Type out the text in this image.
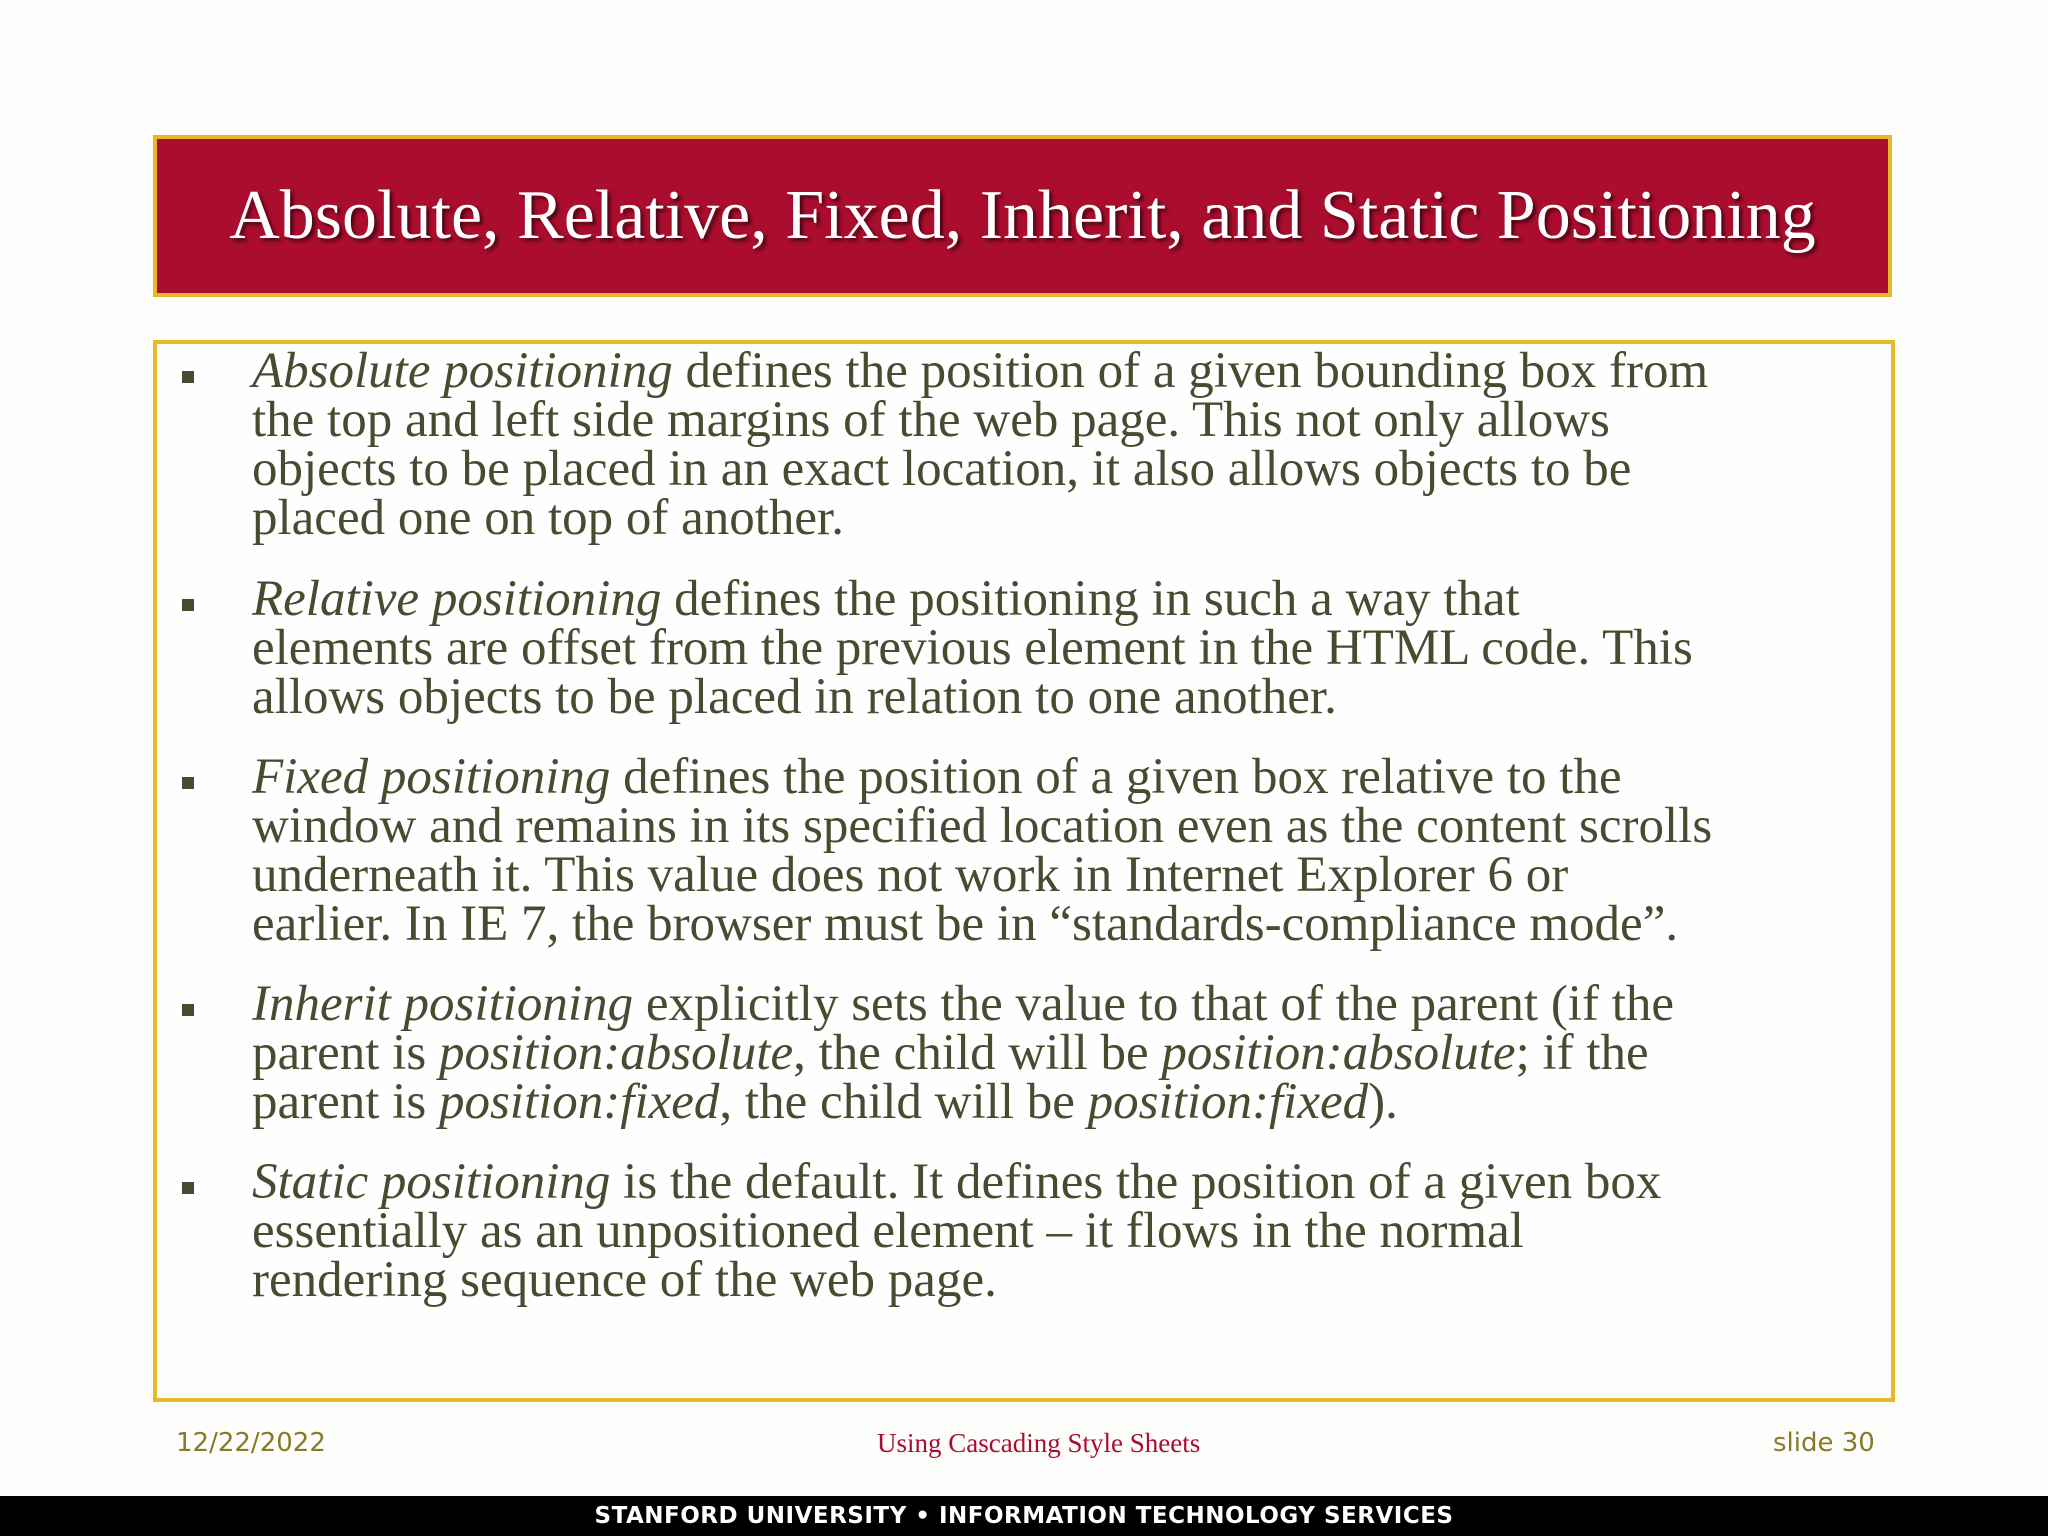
Absolute, Relative, Fixed, Inherit, and Static Positioning
Absolute positioning defines the position of a given bounding box from
the top and left side margins of the web page. This not only allows
objects to be placed in an exact location, it also allows objects to be
placed one on top of another.
Relative positioning defines the positioning in such a way that
elements are offset from the previous element in the HTML code. This
allows objects to be placed in relation to one another.
Fixed positioning defines the position of a given box relative to the
window and remains in its specified location even as the content scrolls
underneath it. This value does not work in Internet Explorer 6 or
earlier. In IE 7, the browser must be in “standards-compliance mode”.
Inherit positioning explicitly sets the value to that of the parent (if the
parent is position:absolute, the child will be position:absolute; if the
parent is position:fixed, the child will be position:fixed).
Static positioning is the default. It defines the position of a given box
essentially as an unpositioned element – it flows in the normal
rendering sequence of the web page.
12/22/2022	Using Cascading Style Sheets	slide 30
STANFORD UNIVERSITY • INFORMATION TECHNOLOGY SERVICES
